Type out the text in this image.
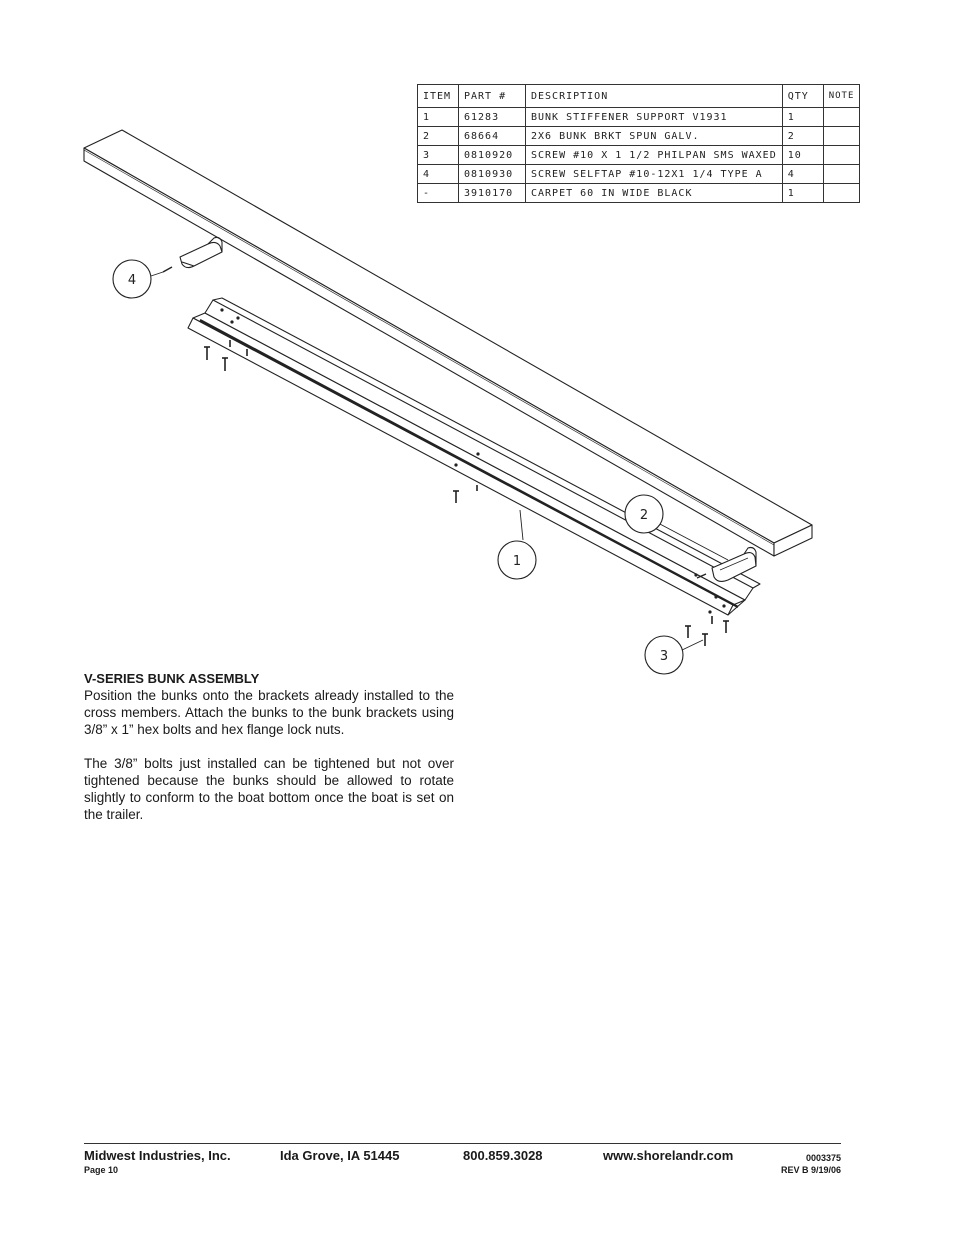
ITEM	PART #	DESCRIPTION	QTY	NOTE
1	61283	BUNK STIFFENER SUPPORT V1931	1	
2	68664	2X6 BUNK BRKT SPUN GALV.	2	
3	0810920	SCREW #10 X 1 1/2 PHILPAN SMS WAXED	10	
4	0810930	SCREW SELFTAP #10-12X1 1/4 TYPE A	4	
-	3910170	CARPET 60 IN WIDE BLACK	1	
4
1
2
3
V-SERIES BUNK ASSEMBLY

Position the bunks onto the brackets already installed to the cross members. Attach the bunks to the bunk brackets using 3/8” x 1” hex bolts and hex flange lock nuts.

The 3/8” bolts just installed can be tightened but not over tightened because the bunks should be allowed to rotate slightly to conform to the boat bottom once the boat is set on the trailer.

Midwest Industries, Inc.	Ida Grove, IA 51445	800.859.3028	www.shorelandr.com	0003375
Page 10	REV B 9/19/06
